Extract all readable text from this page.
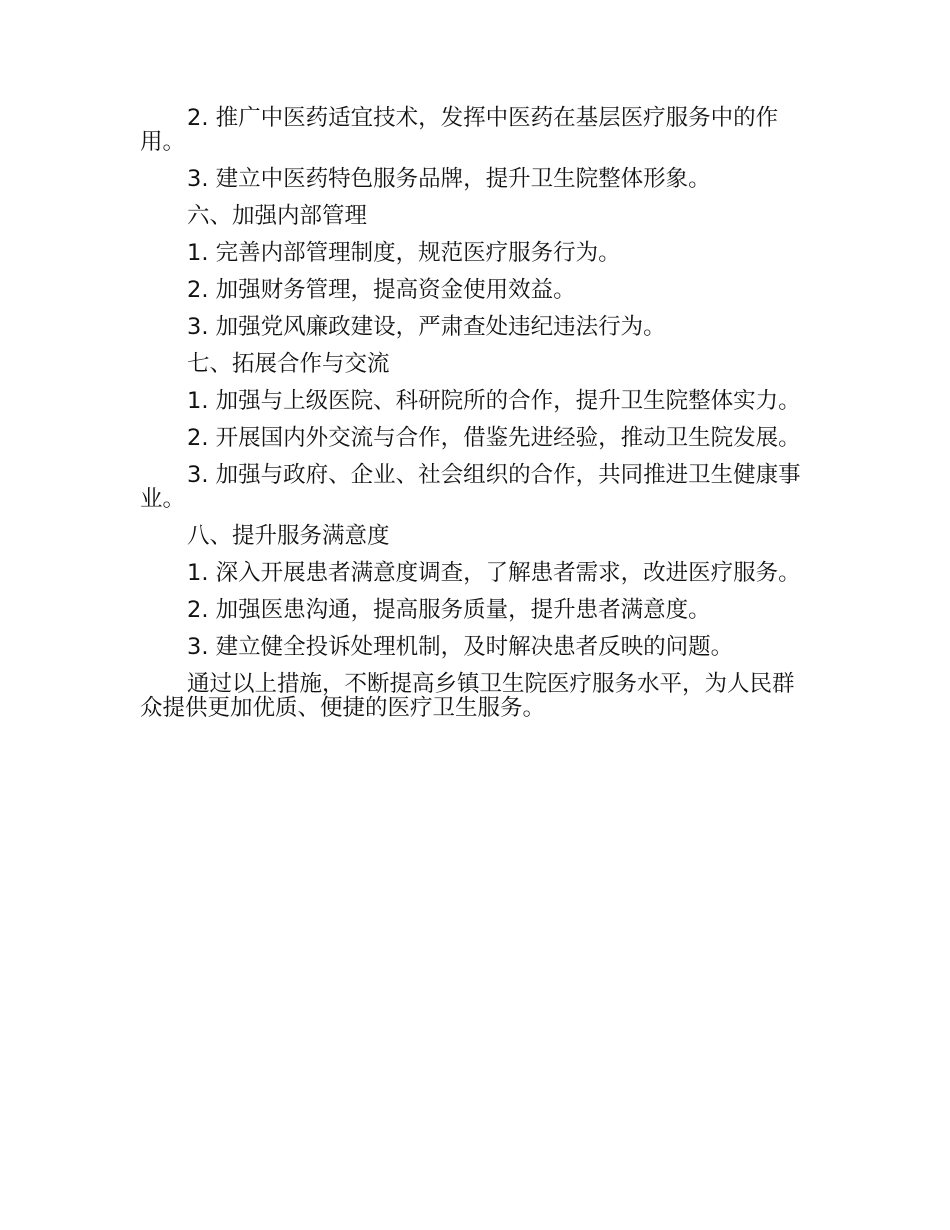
2. 推广中医药适宜技术，发挥中医药在基层医疗服务中的作用。

3. 建立中医药特色服务品牌，提升卫生院整体形象。

六、加强内部管理

1. 完善内部管理制度，规范医疗服务行为。

2. 加强财务管理，提高资金使用效益。

3. 加强党风廉政建设，严肃查处违纪违法行为。

七、拓展合作与交流

1. 加强与上级医院、科研院所的合作，提升卫生院整体实力。

2. 开展国内外交流与合作，借鉴先进经验，推动卫生院发展。

3. 加强与政府、企业、社会组织的合作，共同推进卫生健康事业。

八、提升服务满意度

1. 深入开展患者满意度调查，了解患者需求，改进医疗服务。

2. 加强医患沟通，提高服务质量，提升患者满意度。

3. 建立健全投诉处理机制，及时解决患者反映的问题。

通过以上措施，不断提高乡镇卫生院医疗服务水平，为人民群众提供更加优质、便捷的医疗卫生服务。
